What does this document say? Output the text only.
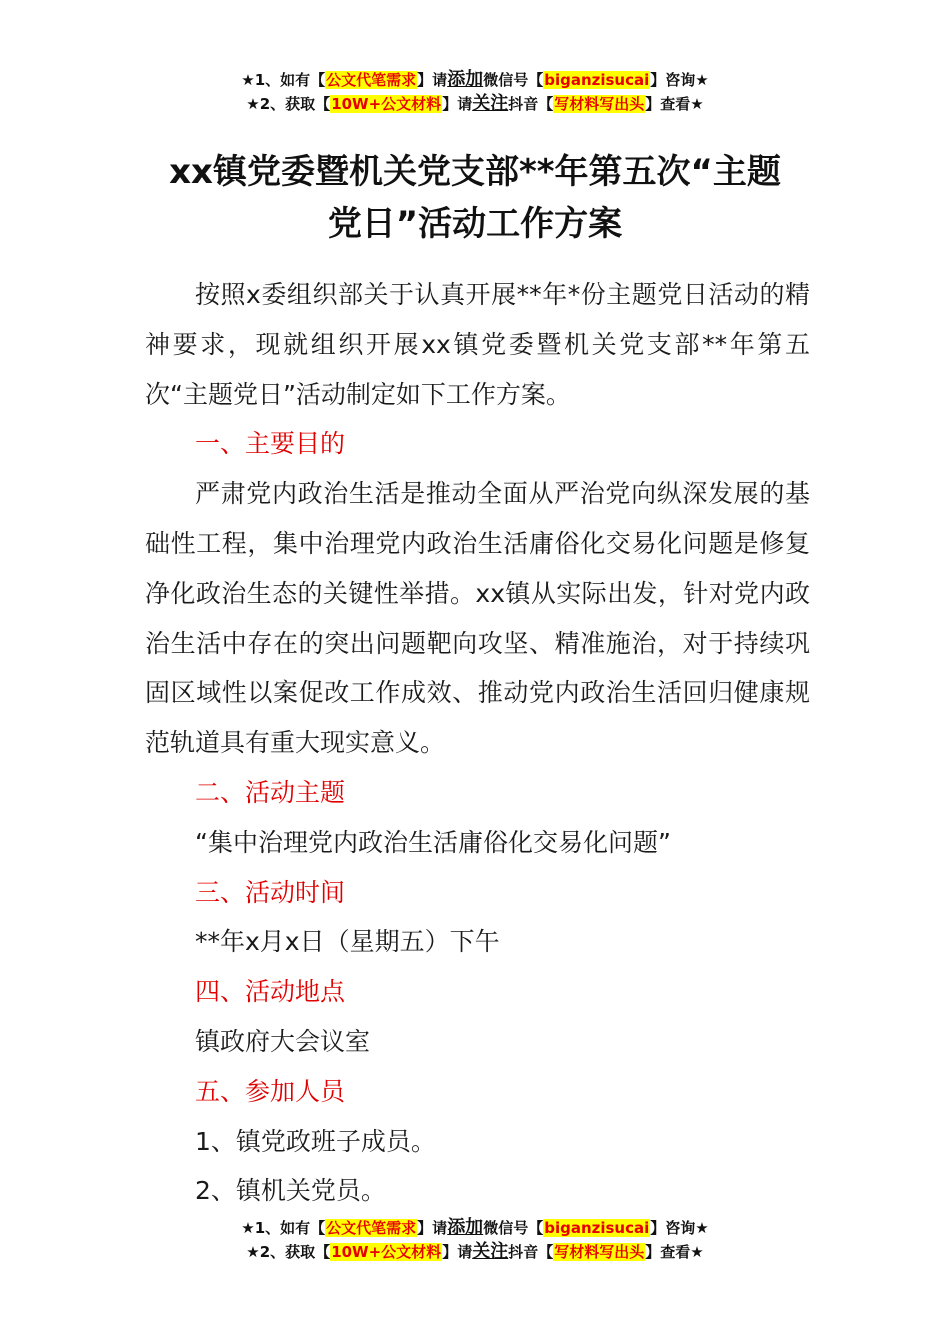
★1、如有【公文代笔需求】请添加微信号【biganzisucai】咨询★
★2、获取【10W+公文材料】请关注抖音【写材料写出头】查看★
xx镇党委暨机关党支部**年第五次“主题
党日”活动工作方案

按照x委组织部关于认真开展**年*份主题党日活动的精神要求，现就组织开展xx镇党委暨机关党支部**年第五次“主题党日”活动制定如下工作方案。

一、主要目的

严肃党内政治生活是推动全面从严治党向纵深发展的基础性工程，集中治理党内政治生活庸俗化交易化问题是修复净化政治生态的关键性举措。xx镇从实际出发，针对党内政治生活中存在的突出问题靶向攻坚、精准施治，对于持续巩固区域性以案促改工作成效、推动党内政治生活回归健康规范轨道具有重大现实意义。

二、活动主题

“集中治理党内政治生活庸俗化交易化问题”

三、活动时间

**年x月x日（星期五）下午

四、活动地点

镇政府大会议室

五、参加人员

1、镇党政班子成员。

2、镇机关党员。

★1、如有【公文代笔需求】请添加微信号【biganzisucai】咨询★
★2、获取【10W+公文材料】请关注抖音【写材料写出头】查看★
